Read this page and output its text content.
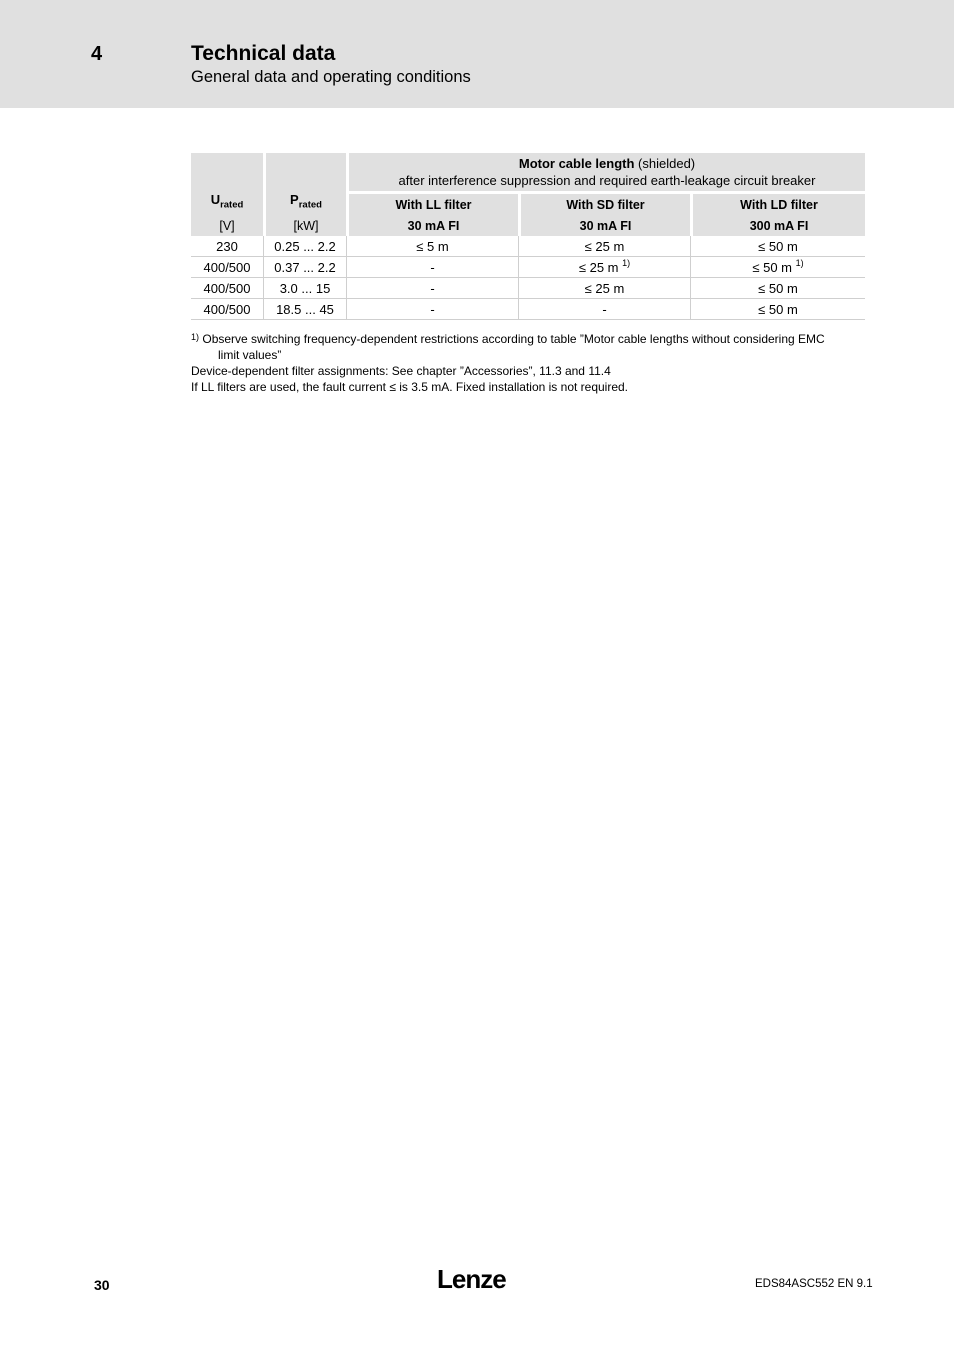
4	Technical data
General data and operating conditions
$U_{rated}$	$P_{rated}$	Motor cable length (shielded)
after interference suppression and required earth-leakage circuit breaker		
		With LL filter	With SD filter	With LD filter
[V]	[kW]	30 mA FI	30 mA FI	300 mA FI
230	0.25 ... 2.2	≤ 5 m	≤ 25 m	≤ 50 m
400/500	0.37 ... 2.2	-	≤ 25 m $^{1)}$	≤ 50 m $^{1)}$
400/500	3.0 ... 15	-	≤ 25 m	≤ 50 m
400/500	18.5 ... 45	-	-	≤ 50 m
$^{1)}$ Observe switching frequency-dependent restrictions according to table ”Motor cable lengths without considering EMC
limit values”
Device-dependent filter assignments: See chapter ”Accessories”, 11.3 and 11.4
If LL filters are used, the fault current ≤ is 3.5 mA. Fixed installation is not required.
30	Lenze	EDS84ASC552 EN 9.1
